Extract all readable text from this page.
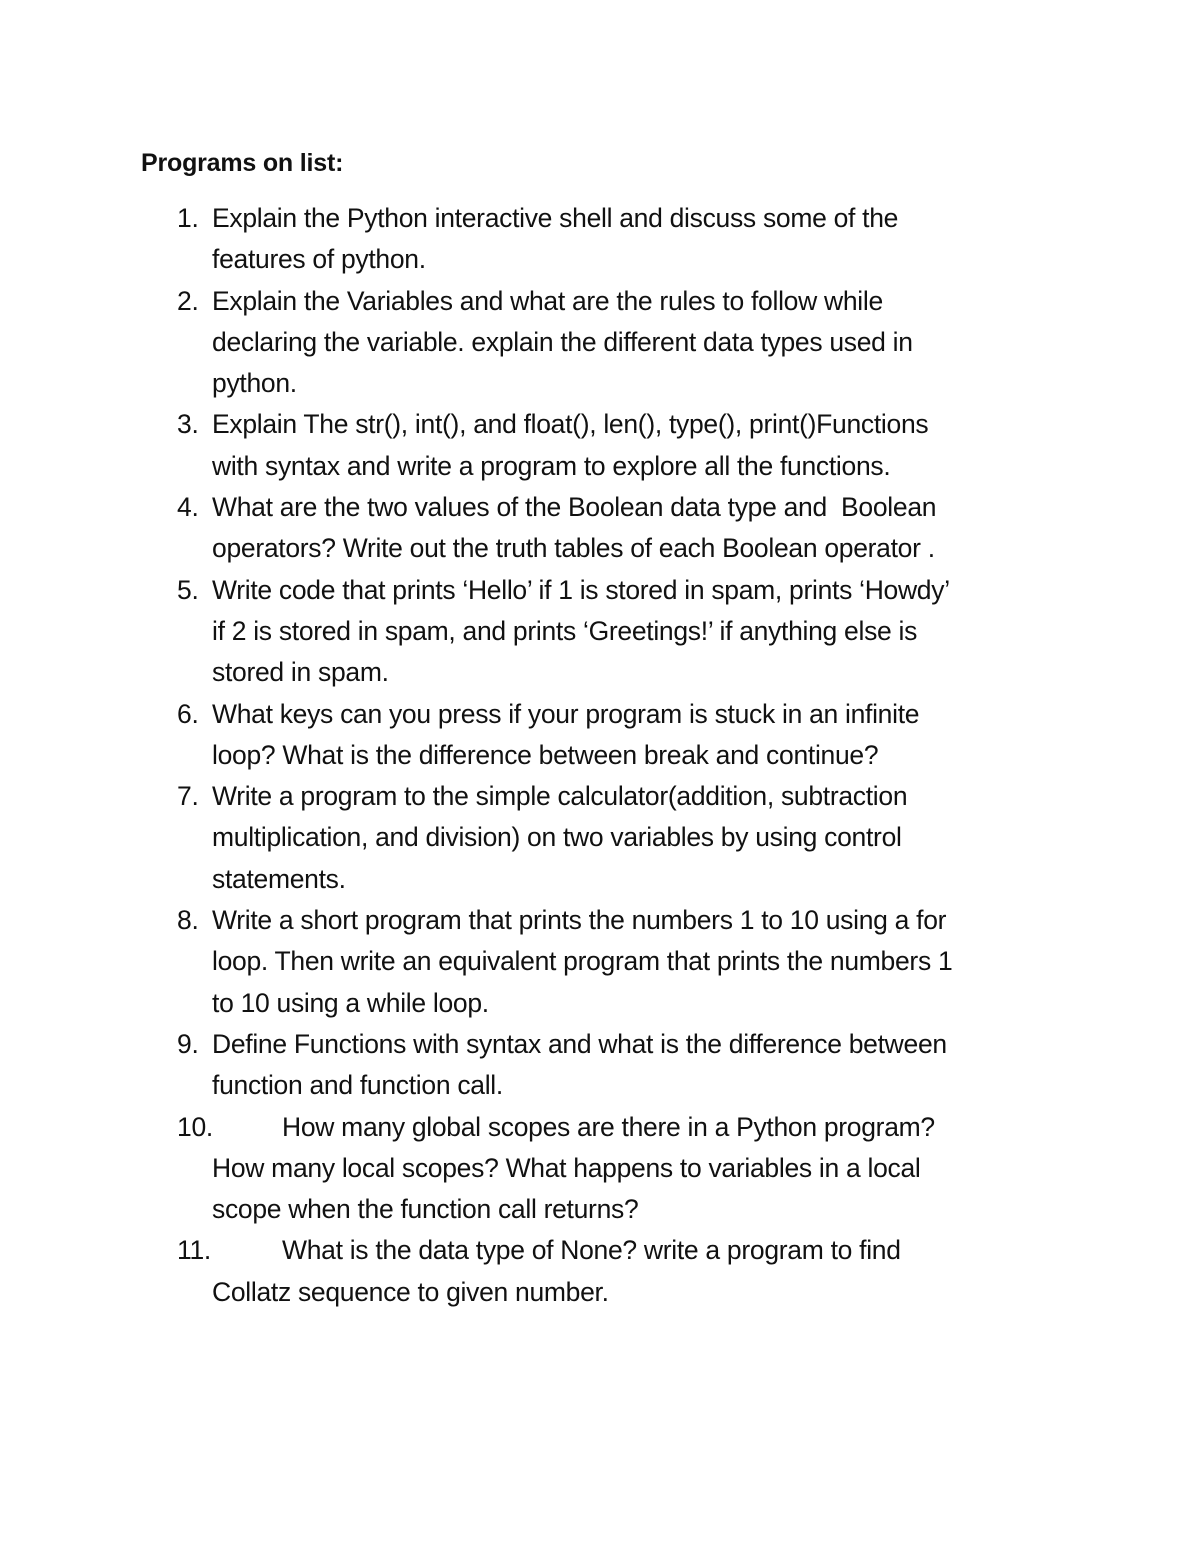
Programs on list:
1. Explain the Python interactive shell and discuss some of the
features of python.
2. Explain the Variables and what are the rules to follow while
declaring the variable. explain the different data types used in
python.
3. Explain The str(), int(), and float(), len(), type(), print()Functions
with syntax and write a program to explore all the functions.
4. What are the two values of the Boolean data type and  Boolean
operators? Write out the truth tables of each Boolean operator .
5. Write code that prints ‘Hello’ if 1 is stored in spam, prints ‘Howdy’
if 2 is stored in spam, and prints ‘Greetings!’ if anything else is
stored in spam.
6. What keys can you press if your program is stuck in an infinite
loop? What is the difference between break and continue?
7. Write a program to the simple calculator(addition, subtraction
multiplication, and division) on two variables by using control
statements.
8. Write a short program that prints the numbers 1 to 10 using a for
loop. Then write an equivalent program that prints the numbers 1
to 10 using a while loop.
9. Define Functions with syntax and what is the difference between
function and function call.
10.	How many global scopes are there in a Python program?
How many local scopes? What happens to variables in a local
scope when the function call returns?
11.	What is the data type of None? write a program to find
Collatz sequence to given number.
